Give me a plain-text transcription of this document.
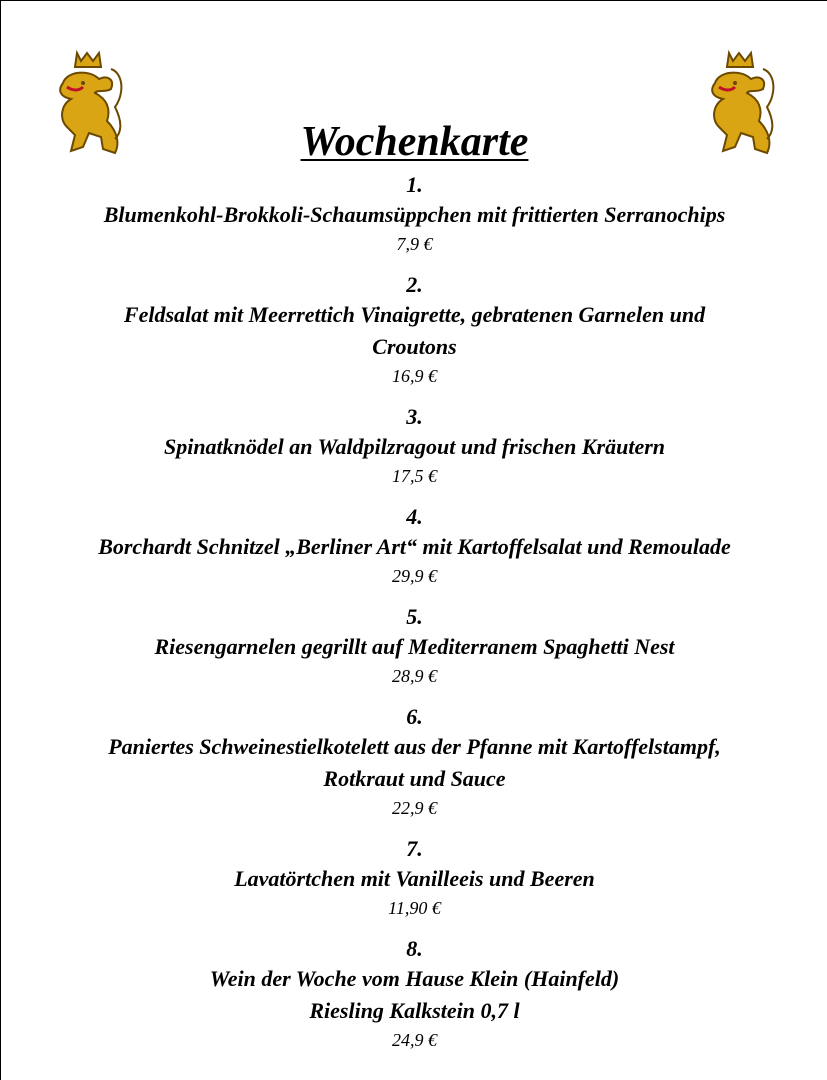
Wochenkarte
1.
Blumenkohl-Brokkoli-Schaumsüppchen mit frittierten Serranochips
7,9 €
2.
Feldsalat mit Meerrettich Vinaigrette, gebratenen Garnelen und
Croutons
16,9 €
3.
Spinatknödel an Waldpilzragout und frischen Kräutern
17,5 €
4.
Borchardt Schnitzel „Berliner Art“ mit Kartoffelsalat und Remoulade
29,9 €
5.
Riesengarnelen gegrillt auf Mediterranem Spaghetti Nest
28,9 €
6.
Paniertes Schweinestielkotelett aus der Pfanne mit Kartoffelstampf,
Rotkraut und Sauce
22,9 €
7.
Lavatörtchen mit Vanilleeis und Beeren
11,90 €
8.
Wein der Woche vom Hause Klein (Hainfeld)
Riesling Kalkstein 0,7 l
24,9 €
